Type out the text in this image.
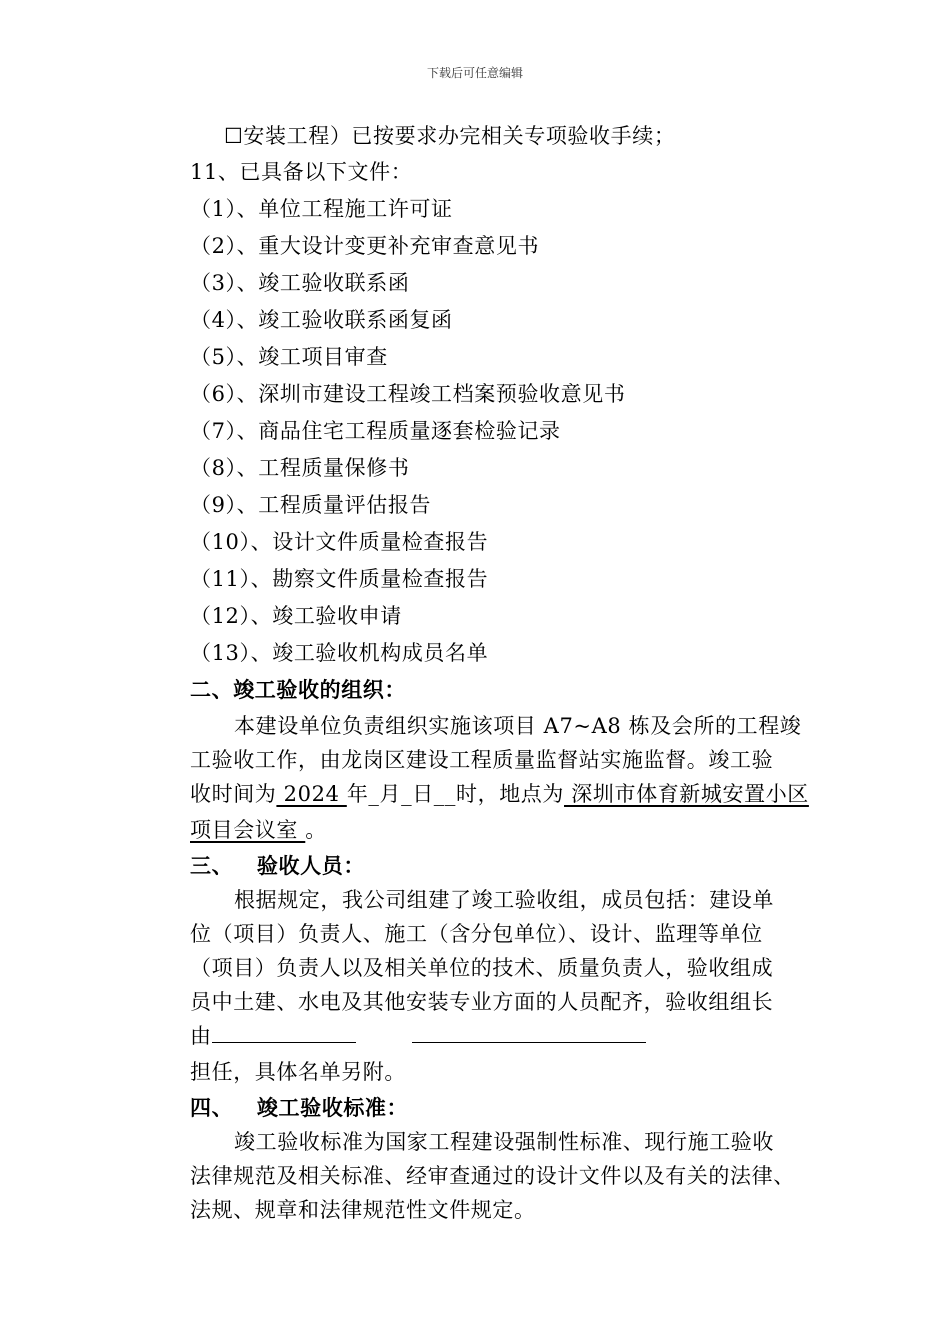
下载后可任意编辑
☐安装工程）已按要求办完相关专项验收手续；
11、已具备以下文件：
（1）、单位工程施工许可证
（2）、重大设计变更补充审查意见书
（3）、竣工验收联系函
（4）、竣工验收联系函复函
（5）、竣工项目审查
（6）、深圳市建设工程竣工档案预验收意见书
（7）、商品住宅工程质量逐套检验记录
（8）、工程质量保修书
（9）、工程质量评估报告
（10）、设计文件质量检查报告
（11）、勘察文件质量检查报告
（12）、竣工验收申请
（13）、竣工验收机构成员名单
二、竣工验收的组织：
本建设单位负责组织实施该项目 A7~A8 栋及会所的工程竣
工验收工作，由龙岗区建设工程质量监督站实施监督。竣工验
收时间为 2024 年_月_日__时，地点为 深圳市体育新城安置小区
项目会议室 。
三、   验收人员：
根据规定，我公司组建了竣工验收组，成员包括：建设单
位（项目）负责人、施工（含分包单位）、设计、监理等单位
（项目）负责人以及相关单位的技术、质量负责人，验收组成
员中土建、水电及其他安装专业方面的人员配齐，验收组组长
由
担任，具体名单另附。
四、   竣工验收标准：
竣工验收标准为国家工程建设强制性标准、现行施工验收
法律规范及相关标准、经审查通过的设计文件以及有关的法律、
法规、规章和法律规范性文件规定。
